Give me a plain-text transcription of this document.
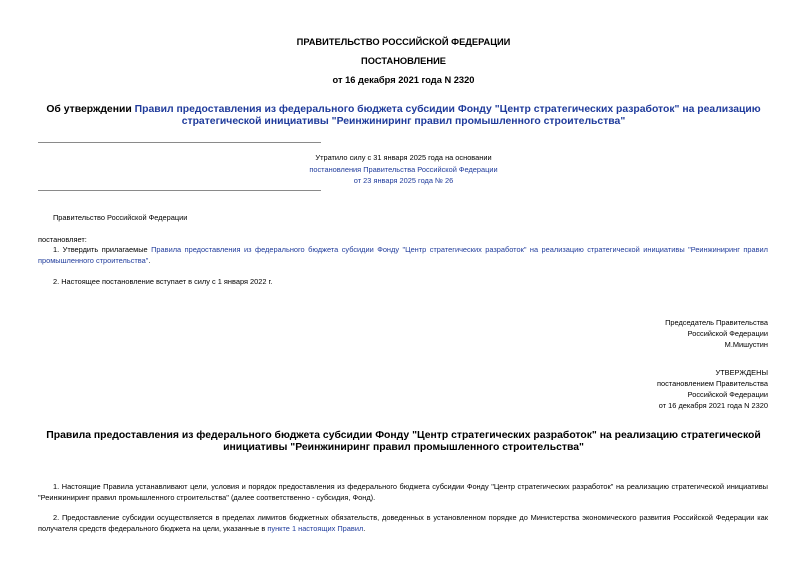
ПРАВИТЕЛЬСТВО РОССИЙСКОЙ ФЕДЕРАЦИИ
ПОСТАНОВЛЕНИЕ
от 16 декабря 2021 года N 2320
Об утверждении Правил предоставления из федерального бюджета субсидии Фонду "Центр стратегических разработок" на реализацию стратегической инициативы "Реинжиниринг правил промышленного строительства"
Утратило силу с 31 января 2025 года на основании
постановления Правительства Российской Федерации
от 23 января 2025 года № 26
Правительство Российской Федерации
постановляет:
1. Утвердить прилагаемые Правила предоставления из федерального бюджета субсидии Фонду "Центр стратегических разработок" на реализацию стратегической инициативы "Реинжиниринг правил промышленного строительства".
2. Настоящее постановление вступает в силу с 1 января 2022 г.
Председатель Правительства
Российской Федерации
М.Мишустин
УТВЕРЖДЕНЫ
постановлением Правительства
Российской Федерации
от 16 декабря 2021 года N 2320
Правила предоставления из федерального бюджета субсидии Фонду "Центр стратегических разработок" на реализацию стратегической инициативы "Реинжиниринг правил промышленного строительства"
1. Настоящие Правила устанавливают цели, условия и порядок предоставления из федерального бюджета субсидии Фонду "Центр стратегических разработок" на реализацию стратегической инициативы "Реинжиниринг правил промышленного строительства" (далее соответственно - субсидия, Фонд).
2. Предоставление субсидии осуществляется в пределах лимитов бюджетных обязательств, доведенных в установленном порядке до Министерства экономического развития Российской Федерации как получателя средств федерального бюджета на цели, указанные в пункте 1 настоящих Правил.
